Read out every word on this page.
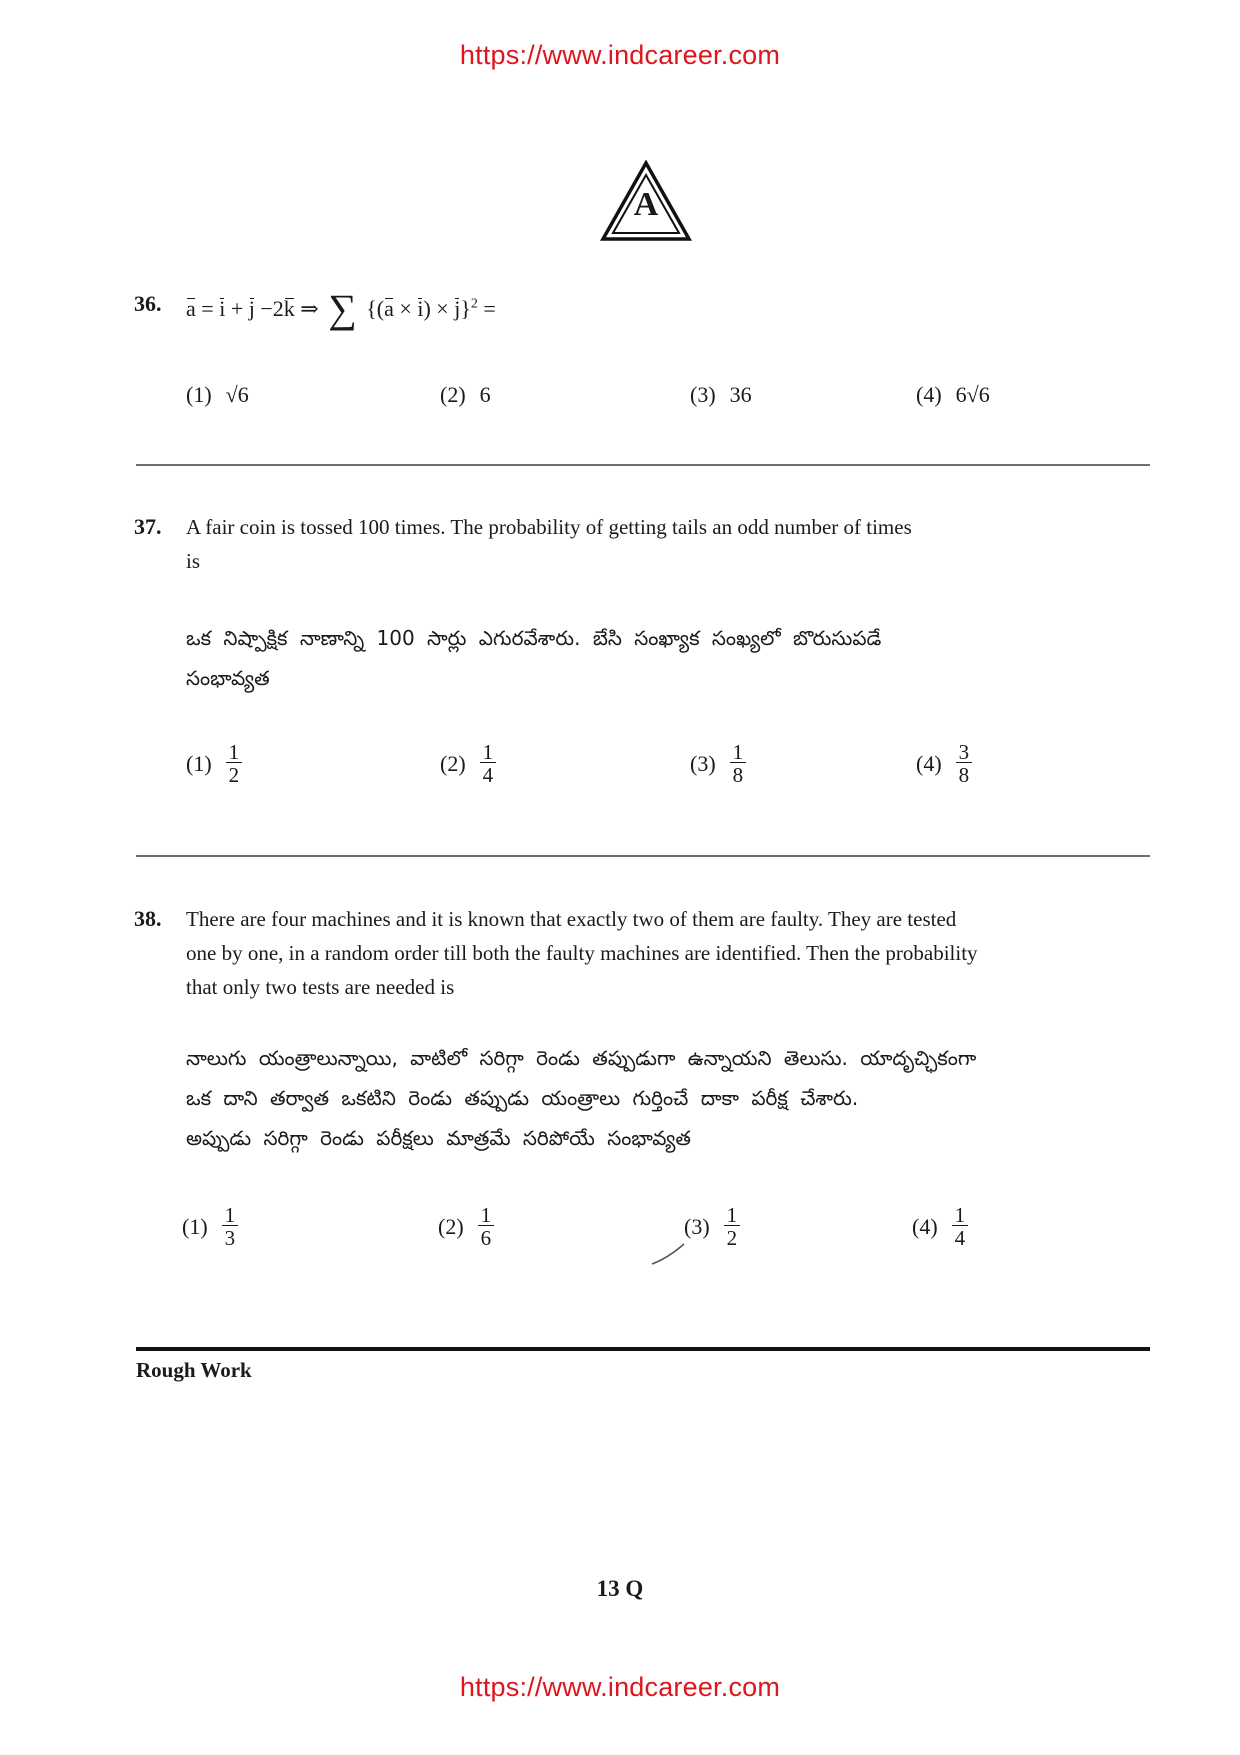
https://www.indcareer.com
A
36. a = i + j −2k ⇒ ∑ $\{(a \times i) \times j\}^2$ =
(1) √6	(2) 6	(3) 36	(4) 6√6
37. A fair coin is tossed 100 times. The probability of getting tails an odd number of times
is
ఒక నిష్పాక్షిక నాణాన్ని 100 సార్లు ఎగురవేశారు. బేసి సంఖ్యాక సంఖ్యలో బొరుసుపడే
సంభావ్యత
$(1) \frac{1}{2}$	$(2) \frac{1}{4}$	$(3) \frac{1}{8}$	$(4) \frac{3}{8}$
38. There are four machines and it is known that exactly two of them are faulty. They are tested
one by one, in a random order till both the faulty machines are identified. Then the probability
that only two tests are needed is
నాలుగు యంత్రాలున్నాయి, వాటిలో సరిగ్గా రెండు తప్పుడుగా ఉన్నాయని తెలుసు. యాదృచ్ఛికంగా
ఒక దాని తర్వాత ఒకటిని రెండు తప్పుడు యంత్రాలు గుర్తించే దాకా పరీక్ష చేశారు.
అప్పుడు సరిగ్గా రెండు పరీక్షలు మాత్రమే సరిపోయే సంభావ్యత
$(1) \frac{1}{3}$	$(2) \frac{1}{6}$	$(3) \frac{1}{2}$	$(4) \frac{1}{4}$
Rough Work
13 Q
https://www.indcareer.com
